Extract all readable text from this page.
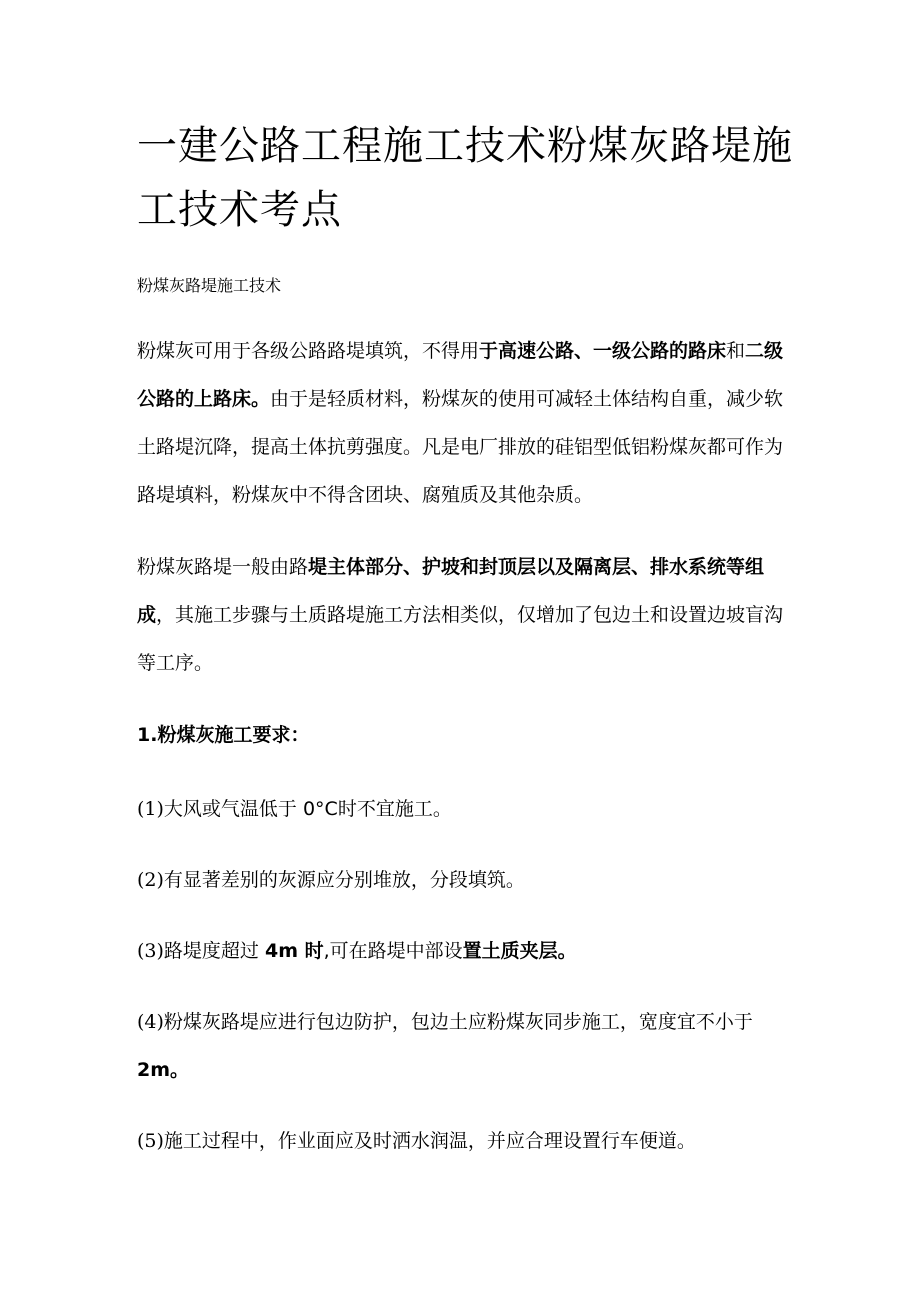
一建公路工程施工技术粉煤灰路堤施工技术考点

粉煤灰路堤施工技术

粉煤灰可用于各级公路路堤填筑，不得用于高速公路、一级公路的路床和二级公路的上路床。由于是轻质材料，粉煤灰的使用可减轻土体结构自重，减少软土路堤沉降，提高土体抗剪强度。凡是电厂排放的硅铝型低铝粉煤灰都可作为路堤填料，粉煤灰中不得含团块、腐殖质及其他杂质。

粉煤灰路堤一般由路堤主体部分、护坡和封顶层以及隔离层、排水系统等组成，其施工步骤与土质路堤施工方法相类似，仅增加了包边土和设置边坡盲沟等工序。

1.粉煤灰施工要求：

(1)大风或气温低于 0°C时不宜施工。

(2)有显著差别的灰源应分别堆放，分段填筑。

(3)路堤度超过 4m 时,可在路堤中部设置土质夹层。

(4)粉煤灰路堤应进行包边防护，包边土应粉煤灰同步施工，宽度宜不小于 2m。

(5)施工过程中，作业面应及时洒水润温，并应合理设置行车便道。
